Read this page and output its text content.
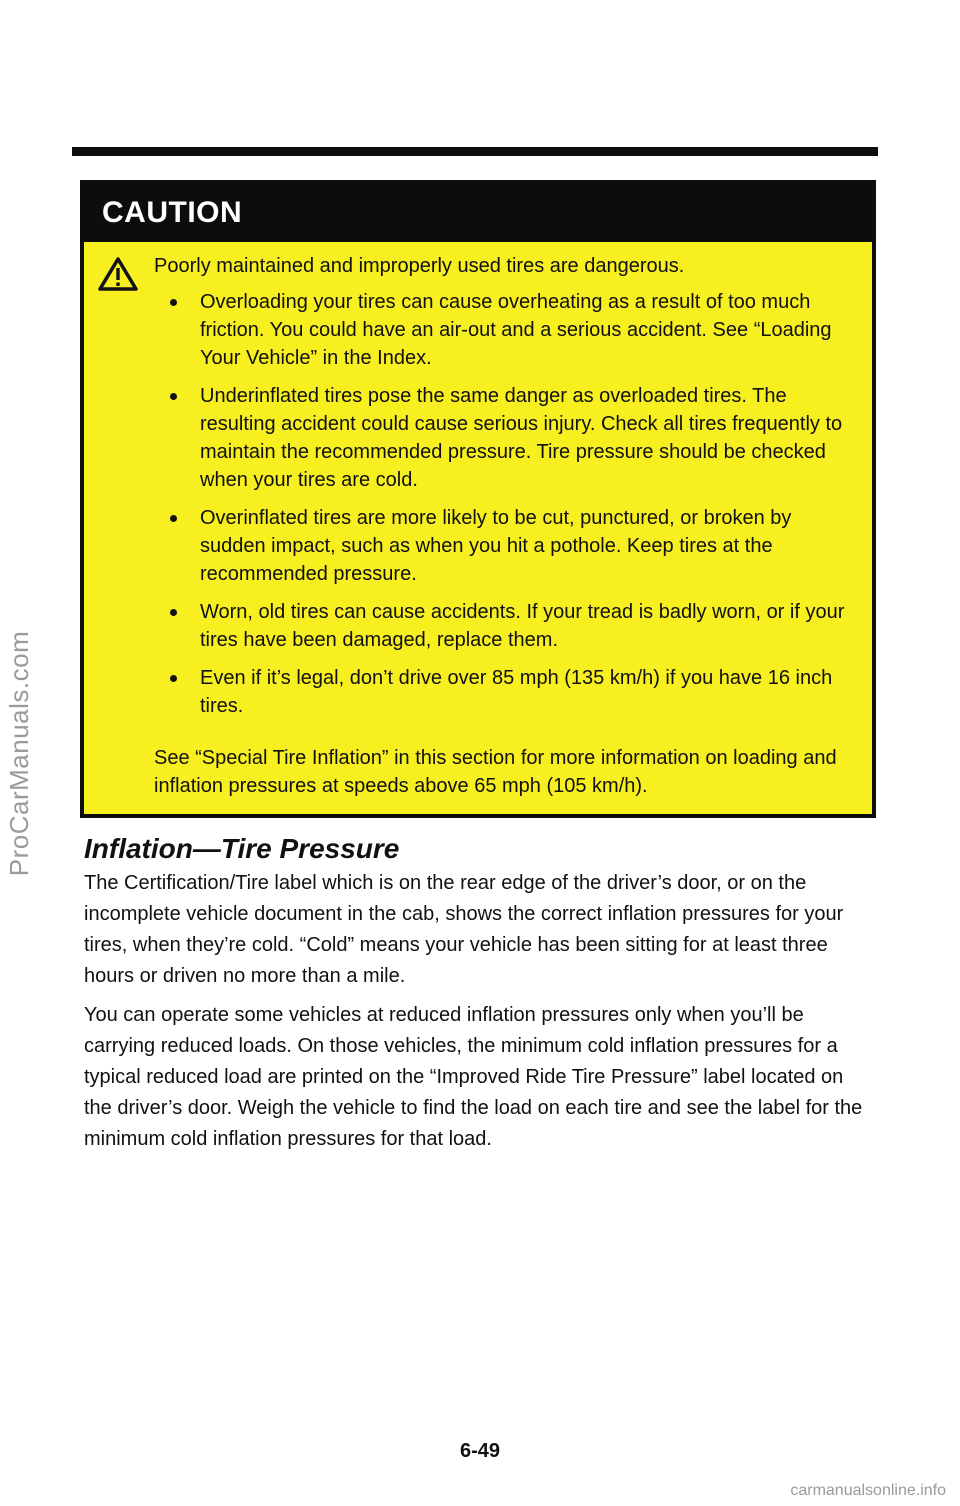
ProCarManuals.com
CAUTION
Poorly maintained and improperly used tires are dangerous.
Overloading your tires can cause overheating as a result of too much friction. You could have an air-out and a serious accident. See “Loading Your Vehicle” in the Index.
Underinflated tires pose the same danger as overloaded tires. The resulting accident could cause serious injury. Check all tires frequently to maintain the recommended pressure. Tire pressure should be checked when your tires are cold.
Overinflated tires are more likely to be cut, punctured, or broken by sudden impact, such as when you hit a pothole. Keep tires at the recommended pressure.
Worn, old tires can cause accidents. If your tread is badly worn, or if your tires have been damaged, replace them.
Even if it’s legal, don’t drive over 85 mph (135 km/h) if you have 16 inch tires.
See “Special Tire Inflation” in this section for more information on loading and inflation pressures at speeds above 65 mph (105 km/h).
Inflation—Tire Pressure

The Certification/Tire label which is on the rear edge of the driver’s door, or on the incomplete vehicle document in the cab, shows the correct inflation pressures for your tires, when they’re cold. “Cold” means your vehicle has been sitting for at least three hours or driven no more than a mile.

You can operate some vehicles at reduced inflation pressures only when you’ll be carrying reduced loads. On those vehicles, the minimum cold inflation pressures for a typical reduced load are printed on the “Improved Ride Tire Pressure” label located on the driver’s door. Weigh the vehicle to find the load on each tire and see the label for the minimum cold inflation pressures for that load.

6-49
carmanualsonline.info
